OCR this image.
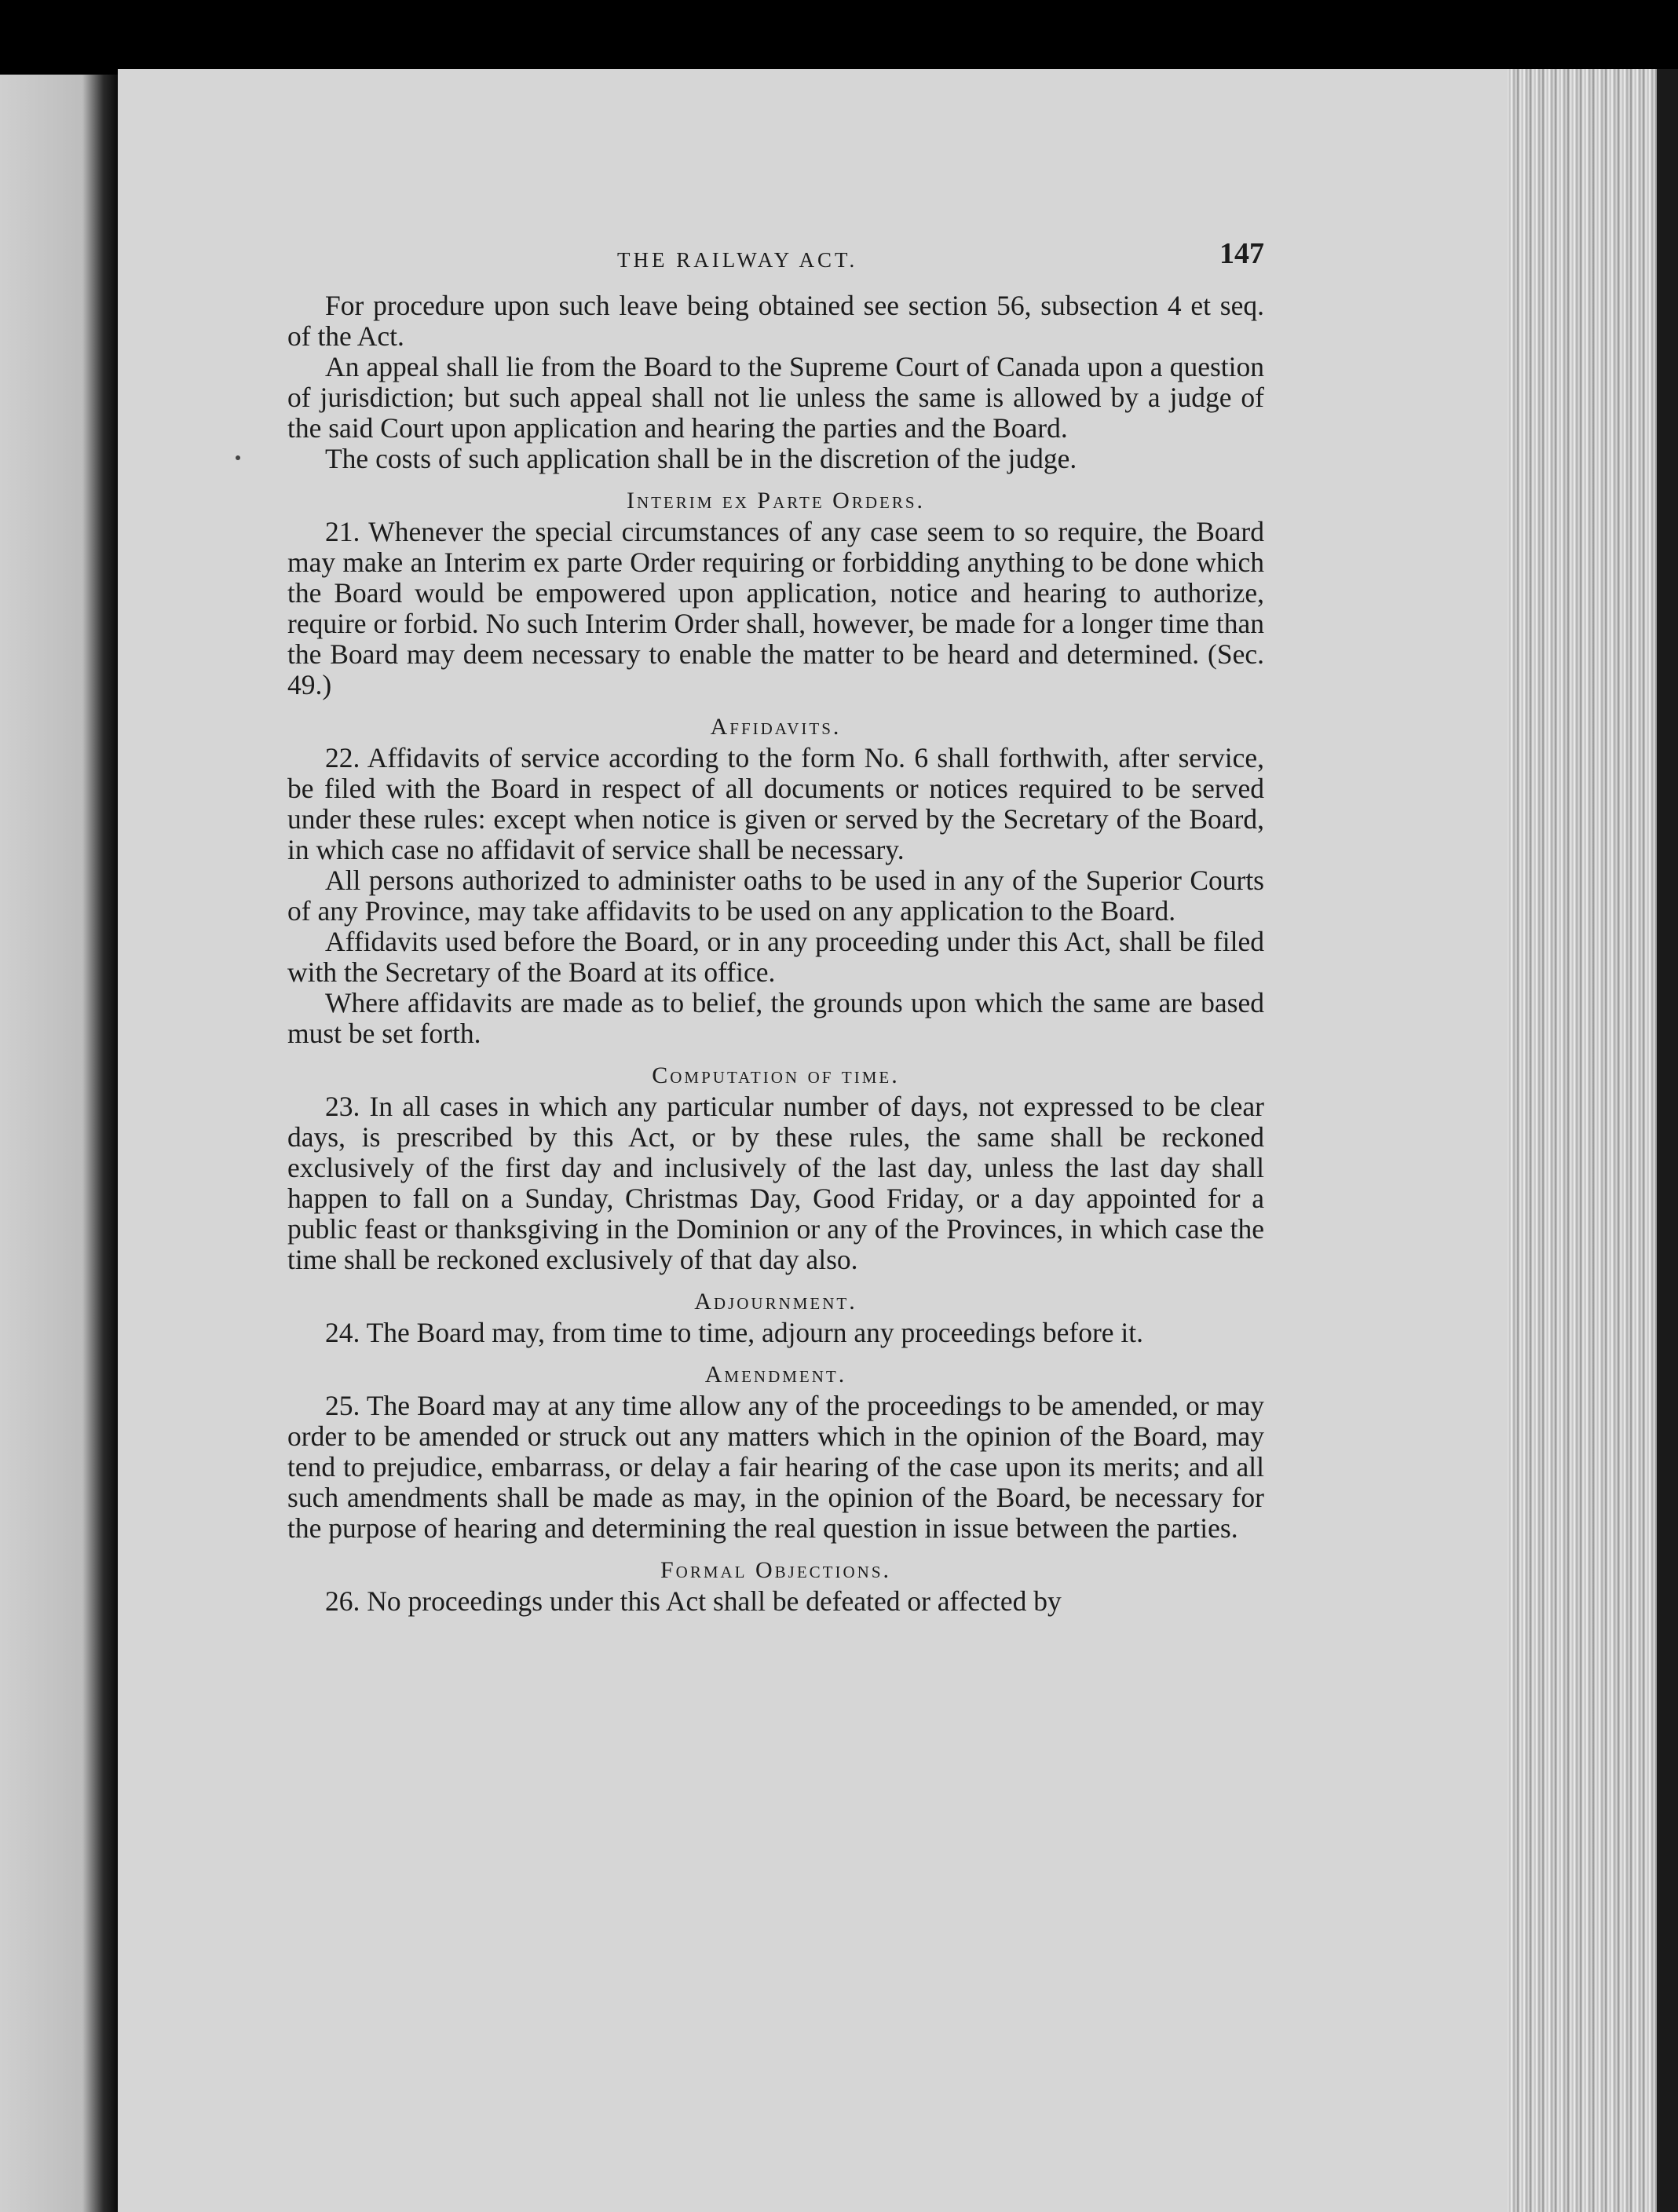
THE RAILWAY ACT.	147

For procedure upon such leave being obtained see section 56, subsection 4 et seq. of the Act.

An appeal shall lie from the Board to the Supreme Court of Canada upon a question of jurisdiction; but such appeal shall not lie unless the same is allowed by a judge of the said Court upon application and hearing the parties and the Board.

The costs of such application shall be in the discretion of the judge.

Interim ex Parte Orders.

21. Whenever the special circumstances of any case seem to so require, the Board may make an Interim ex parte Order requiring or forbidding anything to be done which the Board would be empowered upon application, notice and hearing to authorize, require or forbid. No such Interim Order shall, however, be made for a longer time than the Board may deem necessary to enable the matter to be heard and determined. (Sec. 49.)

Affidavits.

22. Affidavits of service according to the form No. 6 shall forthwith, after service, be filed with the Board in respect of all documents or notices required to be served under these rules: except when notice is given or served by the Secretary of the Board, in which case no affidavit of service shall be necessary.

All persons authorized to administer oaths to be used in any of the Superior Courts of any Province, may take affidavits to be used on any application to the Board.

Affidavits used before the Board, or in any proceeding under this Act, shall be filed with the Secretary of the Board at its office.

Where affidavits are made as to belief, the grounds upon which the same are based must be set forth.

Computation of time.

23. In all cases in which any particular number of days, not expressed to be clear days, is prescribed by this Act, or by these rules, the same shall be reckoned exclusively of the first day and inclusively of the last day, unless the last day shall happen to fall on a Sunday, Christmas Day, Good Friday, or a day appointed for a public feast or thanksgiving in the Dominion or any of the Provinces, in which case the time shall be reckoned exclusively of that day also.

Adjournment.

24. The Board may, from time to time, adjourn any proceedings before it.

Amendment.

25. The Board may at any time allow any of the proceedings to be amended, or may order to be amended or struck out any matters which in the opinion of the Board, may tend to prejudice, embarrass, or delay a fair hearing of the case upon its merits; and all such amendments shall be made as may, in the opinion of the Board, be necessary for the purpose of hearing and determining the real question in issue between the parties.

Formal Objections.

26. No proceedings under this Act shall be defeated or affected by
